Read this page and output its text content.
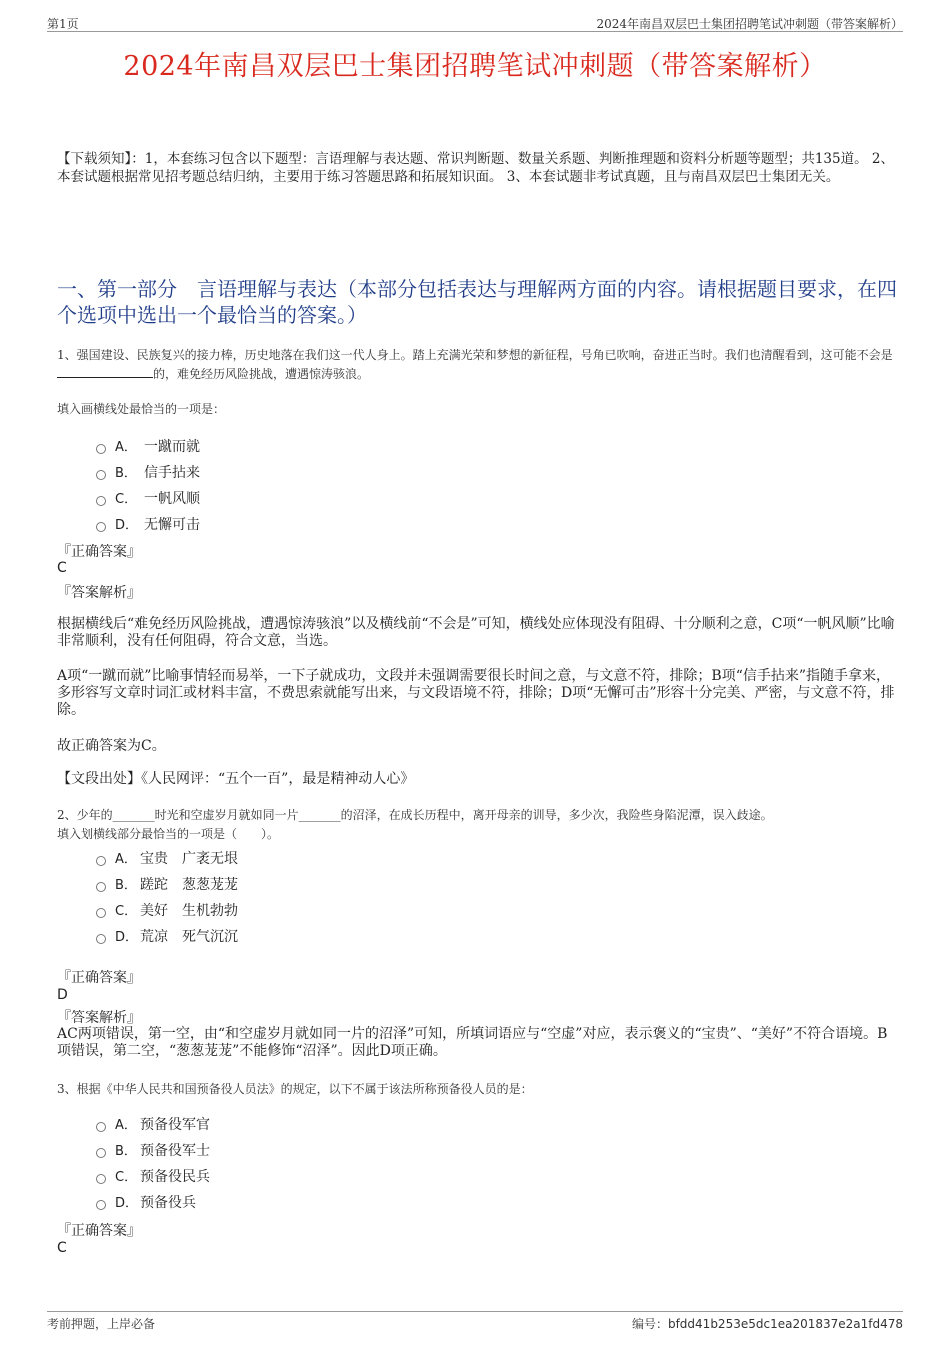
第1页	2024年南昌双层巴士集团招聘笔试冲刺题（带答案解析）
2024年南昌双层巴士集团招聘笔试冲刺题（带答案解析）
【下载须知】：1，本套练习包含以下题型：言语理解与表达题、常识判断题、数量关系题、判断推理题和资料分析题等题型；共135道。 2、本套试题根据常见招考题总结归纳，主要用于练习答题思路和拓展知识面。 3、本套试题非考试真题，且与南昌双层巴士集团无关。
一、第一部分　言语理解与表达（本部分包括表达与理解两方面的内容。请根据题目要求，在四个选项中选出一个最恰当的答案。）
1、强国建设、民族复兴的接力棒，历史地落在我们这一代人身上。踏上充满光荣和梦想的新征程，号角已吹响，奋进正当时。我们也清醒看到，这可能不会是的，难免经历风险挑战，遭遇惊涛骇浪。
填入画横线处最恰当的一项是：
A． 一蹴而就
B． 信手拈来
C． 一帆风顺
D． 无懈可击
『正确答案』
C
『答案解析』
根据横线后“难免经历风险挑战，遭遇惊涛骇浪”以及横线前“不会是”可知，横线处应体现没有阻碍、十分顺利之意，C项“一帆风顺”比喻非常顺利，没有任何阻碍，符合文意，当选。
A项“一蹴而就”比喻事情轻而易举，一下子就成功，文段并未强调需要很长时间之意，与文意不符，排除；B项“信手拈来”指随手拿来，多形容写文章时词汇或材料丰富，不费思索就能写出来，与文段语境不符，排除；D项“无懈可击”形容十分完美、严密，与文意不符，排除。
故正确答案为C。
【文段出处】《人民网评：“五个一百”，最是精神动人心》
2、少年的_______时光和空虚岁月就如同一片_______的沼泽，在成长历程中，离开母亲的训导，多少次，我险些身陷泥潭，误入歧途。
填入划横线部分最恰当的一项是（　　）。
A． 宝贵　广袤无垠
B． 蹉跎　葱葱茏茏
C． 美好　生机勃勃
D． 荒凉　死气沉沉
『正确答案』
D
『答案解析』
AC两项错误，第一空，由“和空虚岁月就如同一片的沼泽”可知，所填词语应与“空虚”对应，表示褒义的“宝贵”、“美好”不符合语境。B项错误，第二空，“葱葱茏茏”不能修饰“沼泽”。因此D项正确。
3、根据《中华人民共和国预备役人员法》的规定，以下不属于该法所称预备役人员的是：
A． 预备役军官
B． 预备役军士
C． 预备役民兵
D． 预备役兵
『正确答案』
C
考前押题，上岸必备	编号：bfdd41b253e5dc1ea201837e2a1fd478
